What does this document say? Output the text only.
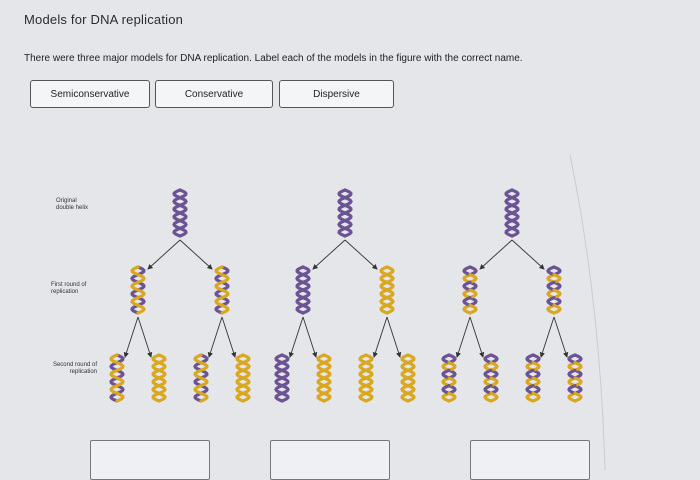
Models for DNA replication
There were three major models for DNA replication. Label each of the models in the figure with the correct name.
Semiconservative	Conservative	Dispersive
Original double helix
First round of replication
Second round of replication
